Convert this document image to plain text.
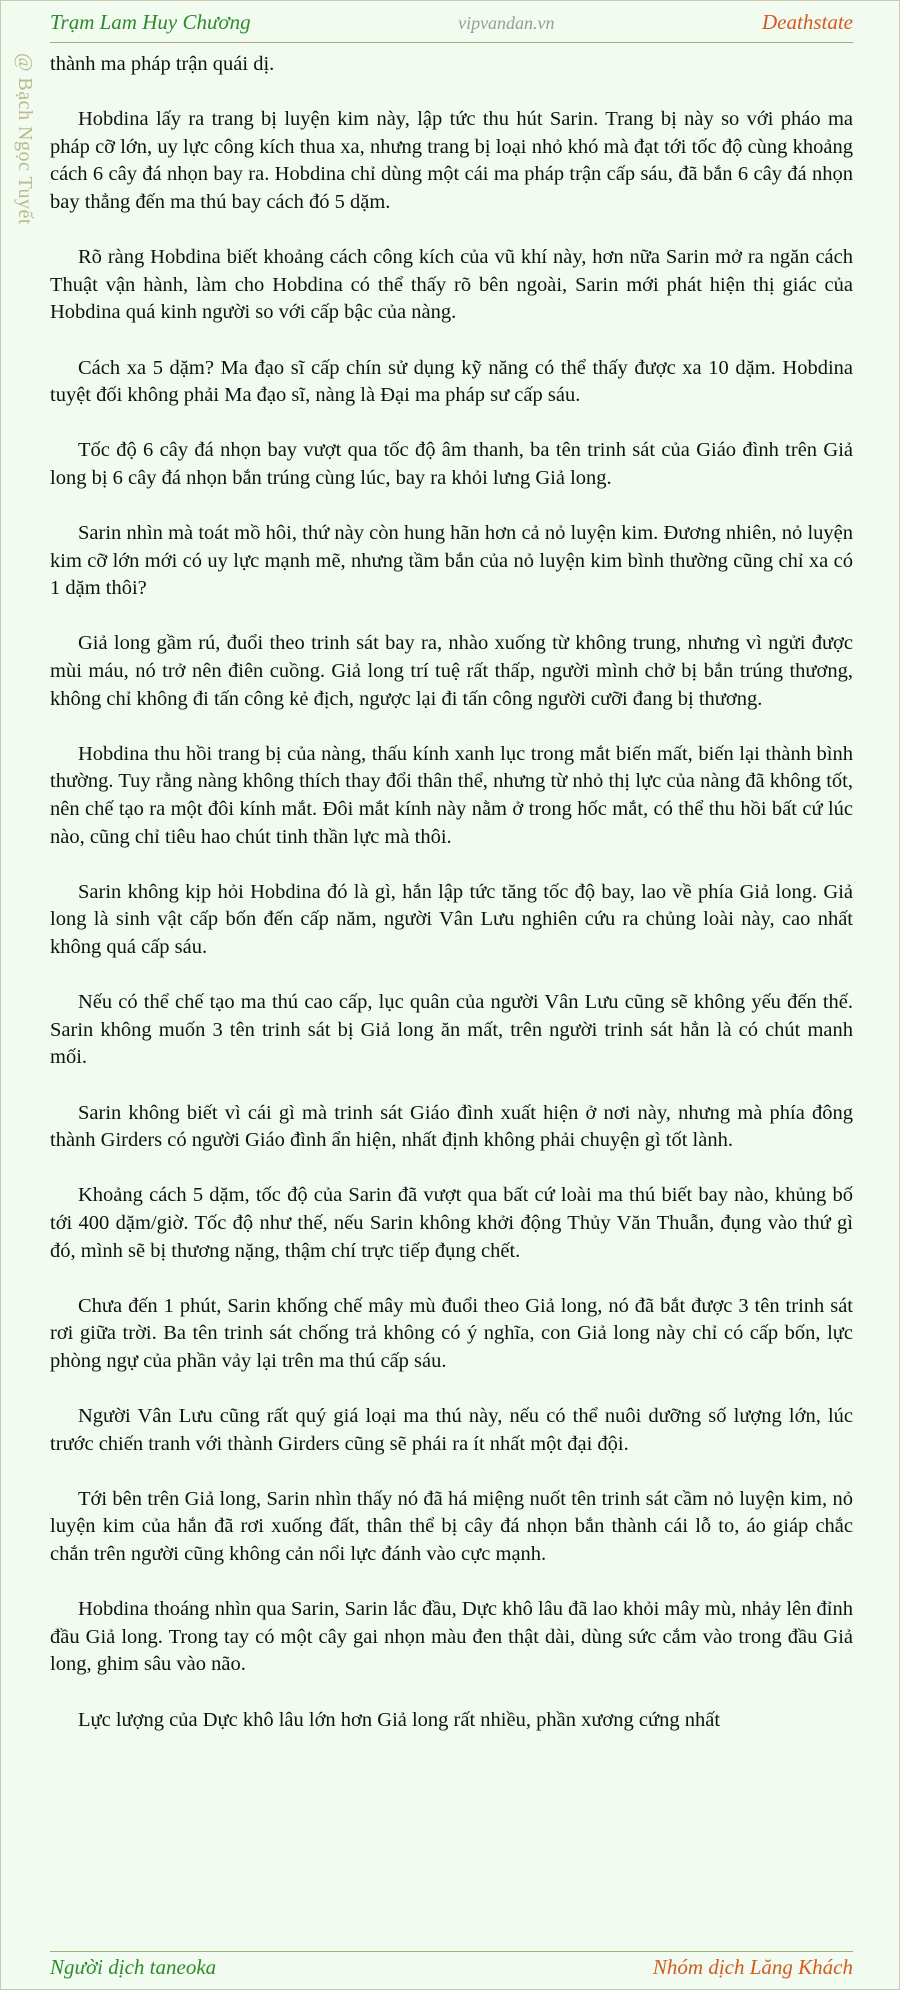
Trạm Lam Huy Chương	vipvandan.vn	Deathstate
@ Bạch Ngọc Tuyết thành ma pháp trận quái dị.

Hobdina lấy ra trang bị luyện kim này, lập tức thu hút Sarin. Trang bị này so với pháo ma pháp cỡ lớn, uy lực công kích thua xa, nhưng trang bị loại nhỏ khó mà đạt tới tốc độ cùng khoảng cách 6 cây đá nhọn bay ra. Hobdina chỉ dùng một cái ma pháp trận cấp sáu, đã bắn 6 cây đá nhọn bay thẳng đến ma thú bay cách đó 5 dặm.

Rõ ràng Hobdina biết khoảng cách công kích của vũ khí này, hơn nữa Sarin mở ra ngăn cách Thuật vận hành, làm cho Hobdina có thể thấy rõ bên ngoài, Sarin mới phát hiện thị giác của Hobdina quá kinh người so với cấp bậc của nàng.

Cách xa 5 dặm? Ma đạo sĩ cấp chín sử dụng kỹ năng có thể thấy được xa 10 dặm. Hobdina tuyệt đối không phải Ma đạo sĩ, nàng là Đại ma pháp sư cấp sáu.

Tốc độ 6 cây đá nhọn bay vượt qua tốc độ âm thanh, ba tên trinh sát của Giáo đình trên Giả long bị 6 cây đá nhọn bắn trúng cùng lúc, bay ra khỏi lưng Giả long.

Sarin nhìn mà toát mồ hôi, thứ này còn hung hãn hơn cả nỏ luyện kim. Đương nhiên, nỏ luyện kim cỡ lớn mới có uy lực mạnh mẽ, nhưng tầm bắn của nỏ luyện kim bình thường cũng chỉ xa có 1 dặm thôi?

Giả long gầm rú, đuổi theo trinh sát bay ra, nhào xuống từ không trung, nhưng vì ngửi được mùi máu, nó trở nên điên cuồng. Giả long trí tuệ rất thấp, người mình chở bị bắn trúng thương, không chỉ không đi tấn công kẻ địch, ngược lại đi tấn công người cưỡi đang bị thương.

Hobdina thu hồi trang bị của nàng, thấu kính xanh lục trong mắt biến mất, biến lại thành bình thường. Tuy rằng nàng không thích thay đổi thân thể, nhưng từ nhỏ thị lực của nàng đã không tốt, nên chế tạo ra một đôi kính mắt. Đôi mắt kính này nằm ở trong hốc mắt, có thể thu hồi bất cứ lúc nào, cũng chỉ tiêu hao chút tinh thần lực mà thôi.

Sarin không kịp hỏi Hobdina đó là gì, hắn lập tức tăng tốc độ bay, lao về phía Giả long. Giả long là sinh vật cấp bốn đến cấp năm, người Vân Lưu nghiên cứu ra chủng loài này, cao nhất không quá cấp sáu.

Nếu có thể chế tạo ma thú cao cấp, lục quân của người Vân Lưu cũng sẽ không yếu đến thế. Sarin không muốn 3 tên trinh sát bị Giả long ăn mất, trên người trinh sát hẳn là có chút manh mối.

Sarin không biết vì cái gì mà trinh sát Giáo đình xuất hiện ở nơi này, nhưng mà phía đông thành Girders có người Giáo đình ẩn hiện, nhất định không phải chuyện gì tốt lành.

Khoảng cách 5 dặm, tốc độ của Sarin đã vượt qua bất cứ loài ma thú biết bay nào, khủng bố tới 400 dặm/giờ. Tốc độ như thế, nếu Sarin không khởi động Thủy Văn Thuẫn, đụng vào thứ gì đó, mình sẽ bị thương nặng, thậm chí trực tiếp đụng chết.

Chưa đến 1 phút, Sarin khống chế mây mù đuổi theo Giả long, nó đã bắt được 3 tên trinh sát rơi giữa trời. Ba tên trinh sát chống trả không có ý nghĩa, con Giả long này chỉ có cấp bốn, lực phòng ngự của phần vảy lại trên ma thú cấp sáu.

Người Vân Lưu cũng rất quý giá loại ma thú này, nếu có thể nuôi dưỡng số lượng lớn, lúc trước chiến tranh với thành Girders cũng sẽ phái ra ít nhất một đại đội.

Tới bên trên Giả long, Sarin nhìn thấy nó đã há miệng nuốt tên trinh sát cầm nỏ luyện kim, nỏ luyện kim của hắn đã rơi xuống đất, thân thể bị cây đá nhọn bắn thành cái lỗ to, áo giáp chắc chắn trên người cũng không cản nổi lực đánh vào cực mạnh.

Hobdina thoáng nhìn qua Sarin, Sarin lắc đầu, Dực khô lâu đã lao khỏi mây mù, nhảy lên đỉnh đầu Giả long. Trong tay có một cây gai nhọn màu đen thật dài, dùng sức cắm vào trong đầu Giả long, ghim sâu vào não.

Lực lượng của Dực khô lâu lớn hơn Giả long rất nhiều, phần xương cứng nhất

Người dịch taneoka	Nhóm dịch Lăng Khách
